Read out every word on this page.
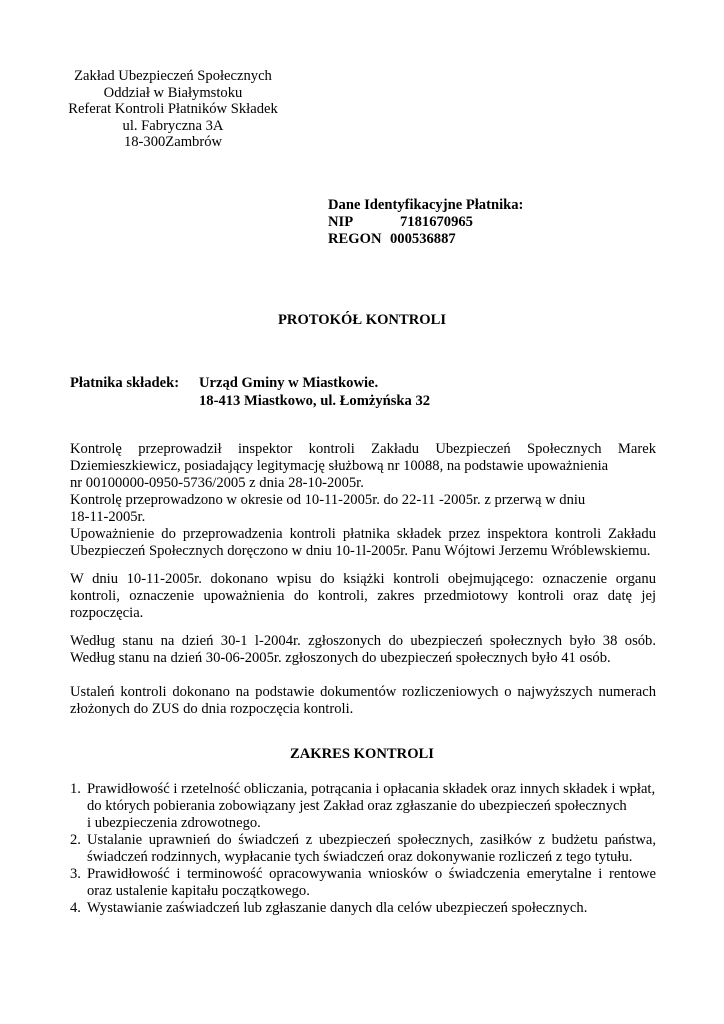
Zakład Ubezpieczeń Społecznych
Oddział w Białymstoku
Referat Kontroli Płatników Składek
ul. Fabryczna 3A
18-300Zambrów
Dane Identyfikacyjne Płatnika:
NIP	7181670965
REGON 000536887
PROTOKÓŁ KONTROLI
Płatnika składek: Urząd Gminy w Miastkowie.
18-413 Miastkowo, ul. Łomżyńska 32
Kontrolę przeprowadził inspektor kontroli Zakładu Ubezpieczeń Społecznych Marek
Dziemieszkiewicz, posiadający legitymację służbową nr 10088, na podstawie upoważnienia
nr 00100000-0950-5736/2005 z dnia 28-10-2005r.
Kontrolę przeprowadzono w okresie od 10-11-2005r. do 22-11 -2005r. z przerwą w dniu
18-11-2005r.
Upoważnienie do przeprowadzenia kontroli płatnika składek przez inspektora kontroli Zakładu
Ubezpieczeń Społecznych doręczono w dniu 10-1l-2005r. Panu Wójtowi Jerzemu Wróblewskiemu.
W dniu 10-11-2005r. dokonano wpisu do książki kontroli obejmującego: oznaczenie organu
kontroli, oznaczenie upoważnienia do kontroli, zakres przedmiotowy kontroli oraz datę jej
rozpoczęcia.
Według stanu na dzień 30-1 l-2004r. zgłoszonych do ubezpieczeń społecznych było 38 osób.
Według stanu na dzień 30-06-2005r. zgłoszonych do ubezpieczeń społecznych było 41 osób.
Ustaleń kontroli dokonano na podstawie dokumentów rozliczeniowych o najwyższych numerach
złożonych do ZUS do dnia rozpoczęcia kontroli.
ZAKRES KONTROLI
1. Prawidłowość i rzetelność obliczania, potrącania i opłacania składek oraz innych składek i wpłat,
do których pobierania zobowiązany jest Zakład oraz zgłaszanie do ubezpieczeń społecznych
i ubezpieczenia zdrowotnego.
2. Ustalanie uprawnień do świadczeń z ubezpieczeń społecznych, zasiłków z budżetu państwa,
świadczeń rodzinnych, wypłacanie tych świadczeń oraz dokonywanie rozliczeń z tego tytułu.
3. Prawidłowość i terminowość opracowywania wniosków o świadczenia emerytalne i rentowe
oraz ustalenie kapitału początkowego.
4. Wystawianie zaświadczeń lub zgłaszanie danych dla celów ubezpieczeń społecznych.
